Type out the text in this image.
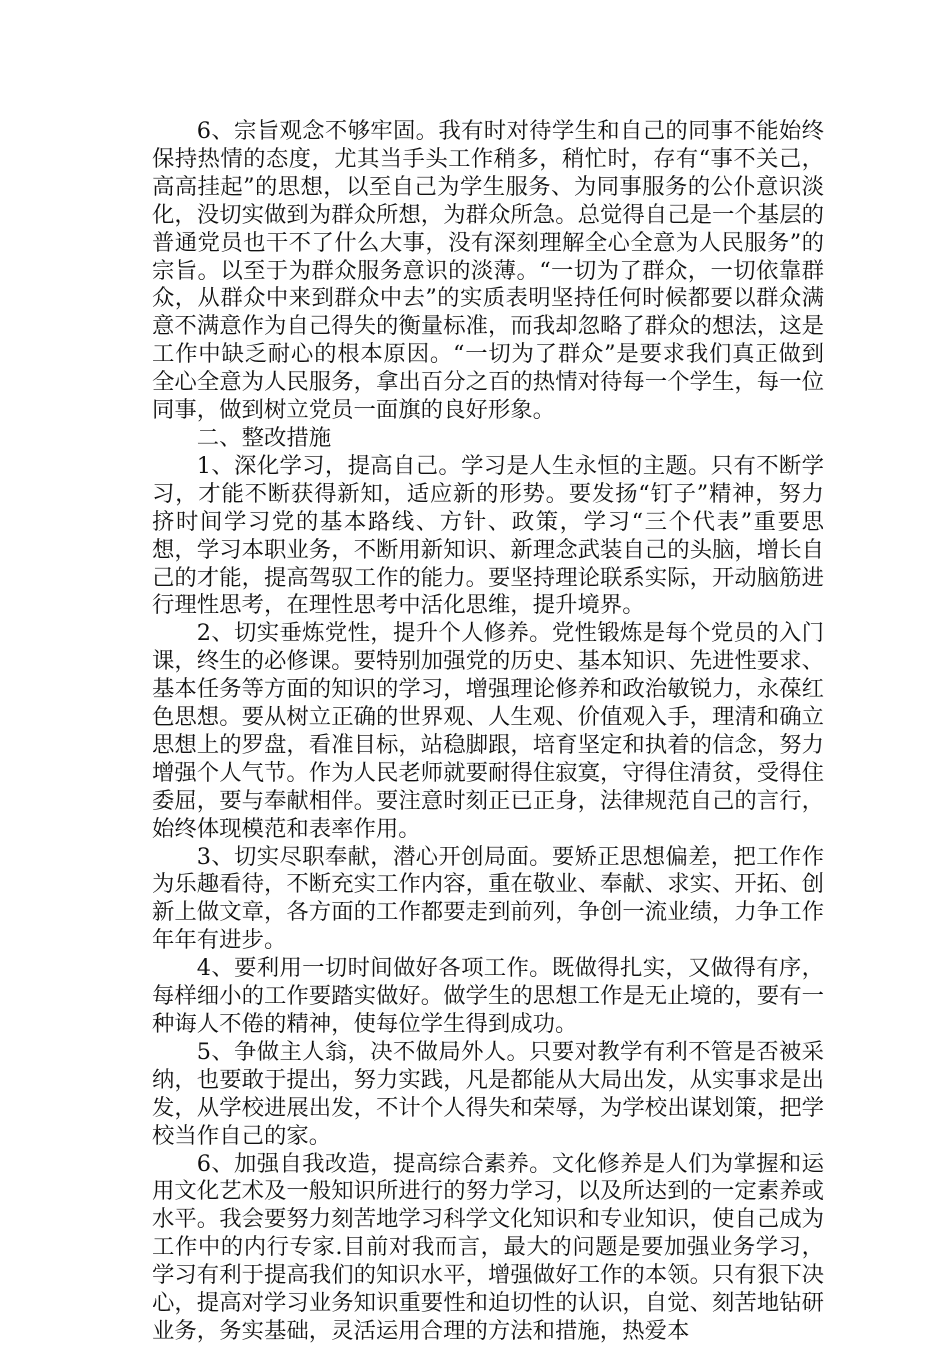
6、宗旨观念不够牢固。我有时对待学生和自己的同事不能始终保持热情的态度，尤其当手头工作稍多，稍忙时，存有“事不关己，高高挂起”的思想，以至自己为学生服务、为同事服务的公仆意识淡化，没切实做到为群众所想，为群众所急。总觉得自己是一个基层的普通党员也干不了什么大事，没有深刻理解全心全意为人民服务”的宗旨。以至于为群众服务意识的淡薄。“一切为了群众，一切依靠群众，从群众中来到群众中去”的实质表明坚持任何时候都要以群众满意不满意作为自己得失的衡量标准，而我却忽略了群众的想法，这是工作中缺乏耐心的根本原因。“一切为了群众”是要求我们真正做到全心全意为人民服务，拿出百分之百的热情对待每一个学生，每一位同事，做到树立党员一面旗的良好形象。

二、整改措施

1、深化学习，提高自己。学习是人生永恒的主题。只有不断学习，才能不断获得新知，适应新的形势。要发扬“钉子”精神，努力挤时间学习党的基本路线、方针、政策，学习“三个代表”重要思想，学习本职业务，不断用新知识、新理念武装自己的头脑，增长自己的才能，提高驾驭工作的能力。要坚持理论联系实际，开动脑筋进行理性思考，在理性思考中活化思维，提升境界。

2、切实垂炼党性，提升个人修养。党性锻炼是每个党员的入门课，终生的必修课。要特别加强党的历史、基本知识、先进性要求、基本任务等方面的知识的学习，增强理论修养和政治敏锐力，永葆红色思想。要从树立正确的世界观、人生观、价值观入手，理清和确立思想上的罗盘，看准目标，站稳脚跟，培育坚定和执着的信念，努力增强个人气节。作为人民老师就要耐得住寂寞，守得住清贫，受得住委屈，要与奉献相伴。要注意时刻正已正身，法律规范自己的言行，始终体现模范和表率作用。

3、切实尽职奉献，潜心开创局面。要矫正思想偏差，把工作作为乐趣看待，不断充实工作内容，重在敬业、奉献、求实、开拓、创新上做文章，各方面的工作都要走到前列，争创一流业绩，力争工作年年有进步。

4、要利用一切时间做好各项工作。既做得扎实，又做得有序，每样细小的工作要踏实做好。做学生的思想工作是无止境的，要有一种诲人不倦的精神，使每位学生得到成功。

5、争做主人翁，决不做局外人。只要对教学有利不管是否被采纳，也要敢于提出，努力实践，凡是都能从大局出发，从实事求是出发，从学校进展出发，不计个人得失和荣辱，为学校出谋划策，把学校当作自己的家。

6、加强自我改造，提高综合素养。文化修养是人们为掌握和运用文化艺术及一般知识所进行的努力学习，以及所达到的一定素养或水平。我会要努力刻苦地学习科学文化知识和专业知识，使自己成为工作中的内行专家.目前对我而言，最大的问题是要加强业务学习，学习有利于提高我们的知识水平，增强做好工作的本领。只有狠下决心，提高对学习业务知识重要性和迫切性的认识，自觉、刻苦地钻研业务，务实基础，灵活运用合理的方法和措施，热爱本
